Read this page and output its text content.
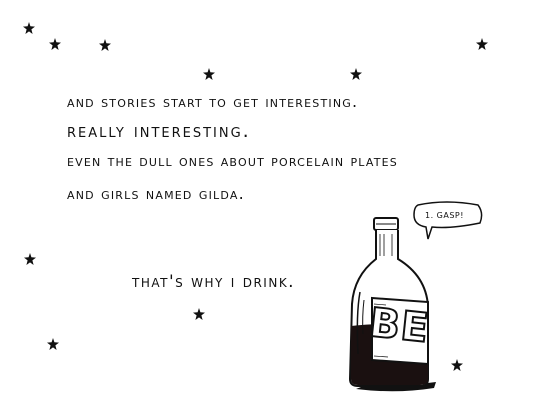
and stories start to get interesting.
really interesting.
even the dull ones about porcelain plates
and girls named gilda.
that's why i drink.
BE
1. GASP!
